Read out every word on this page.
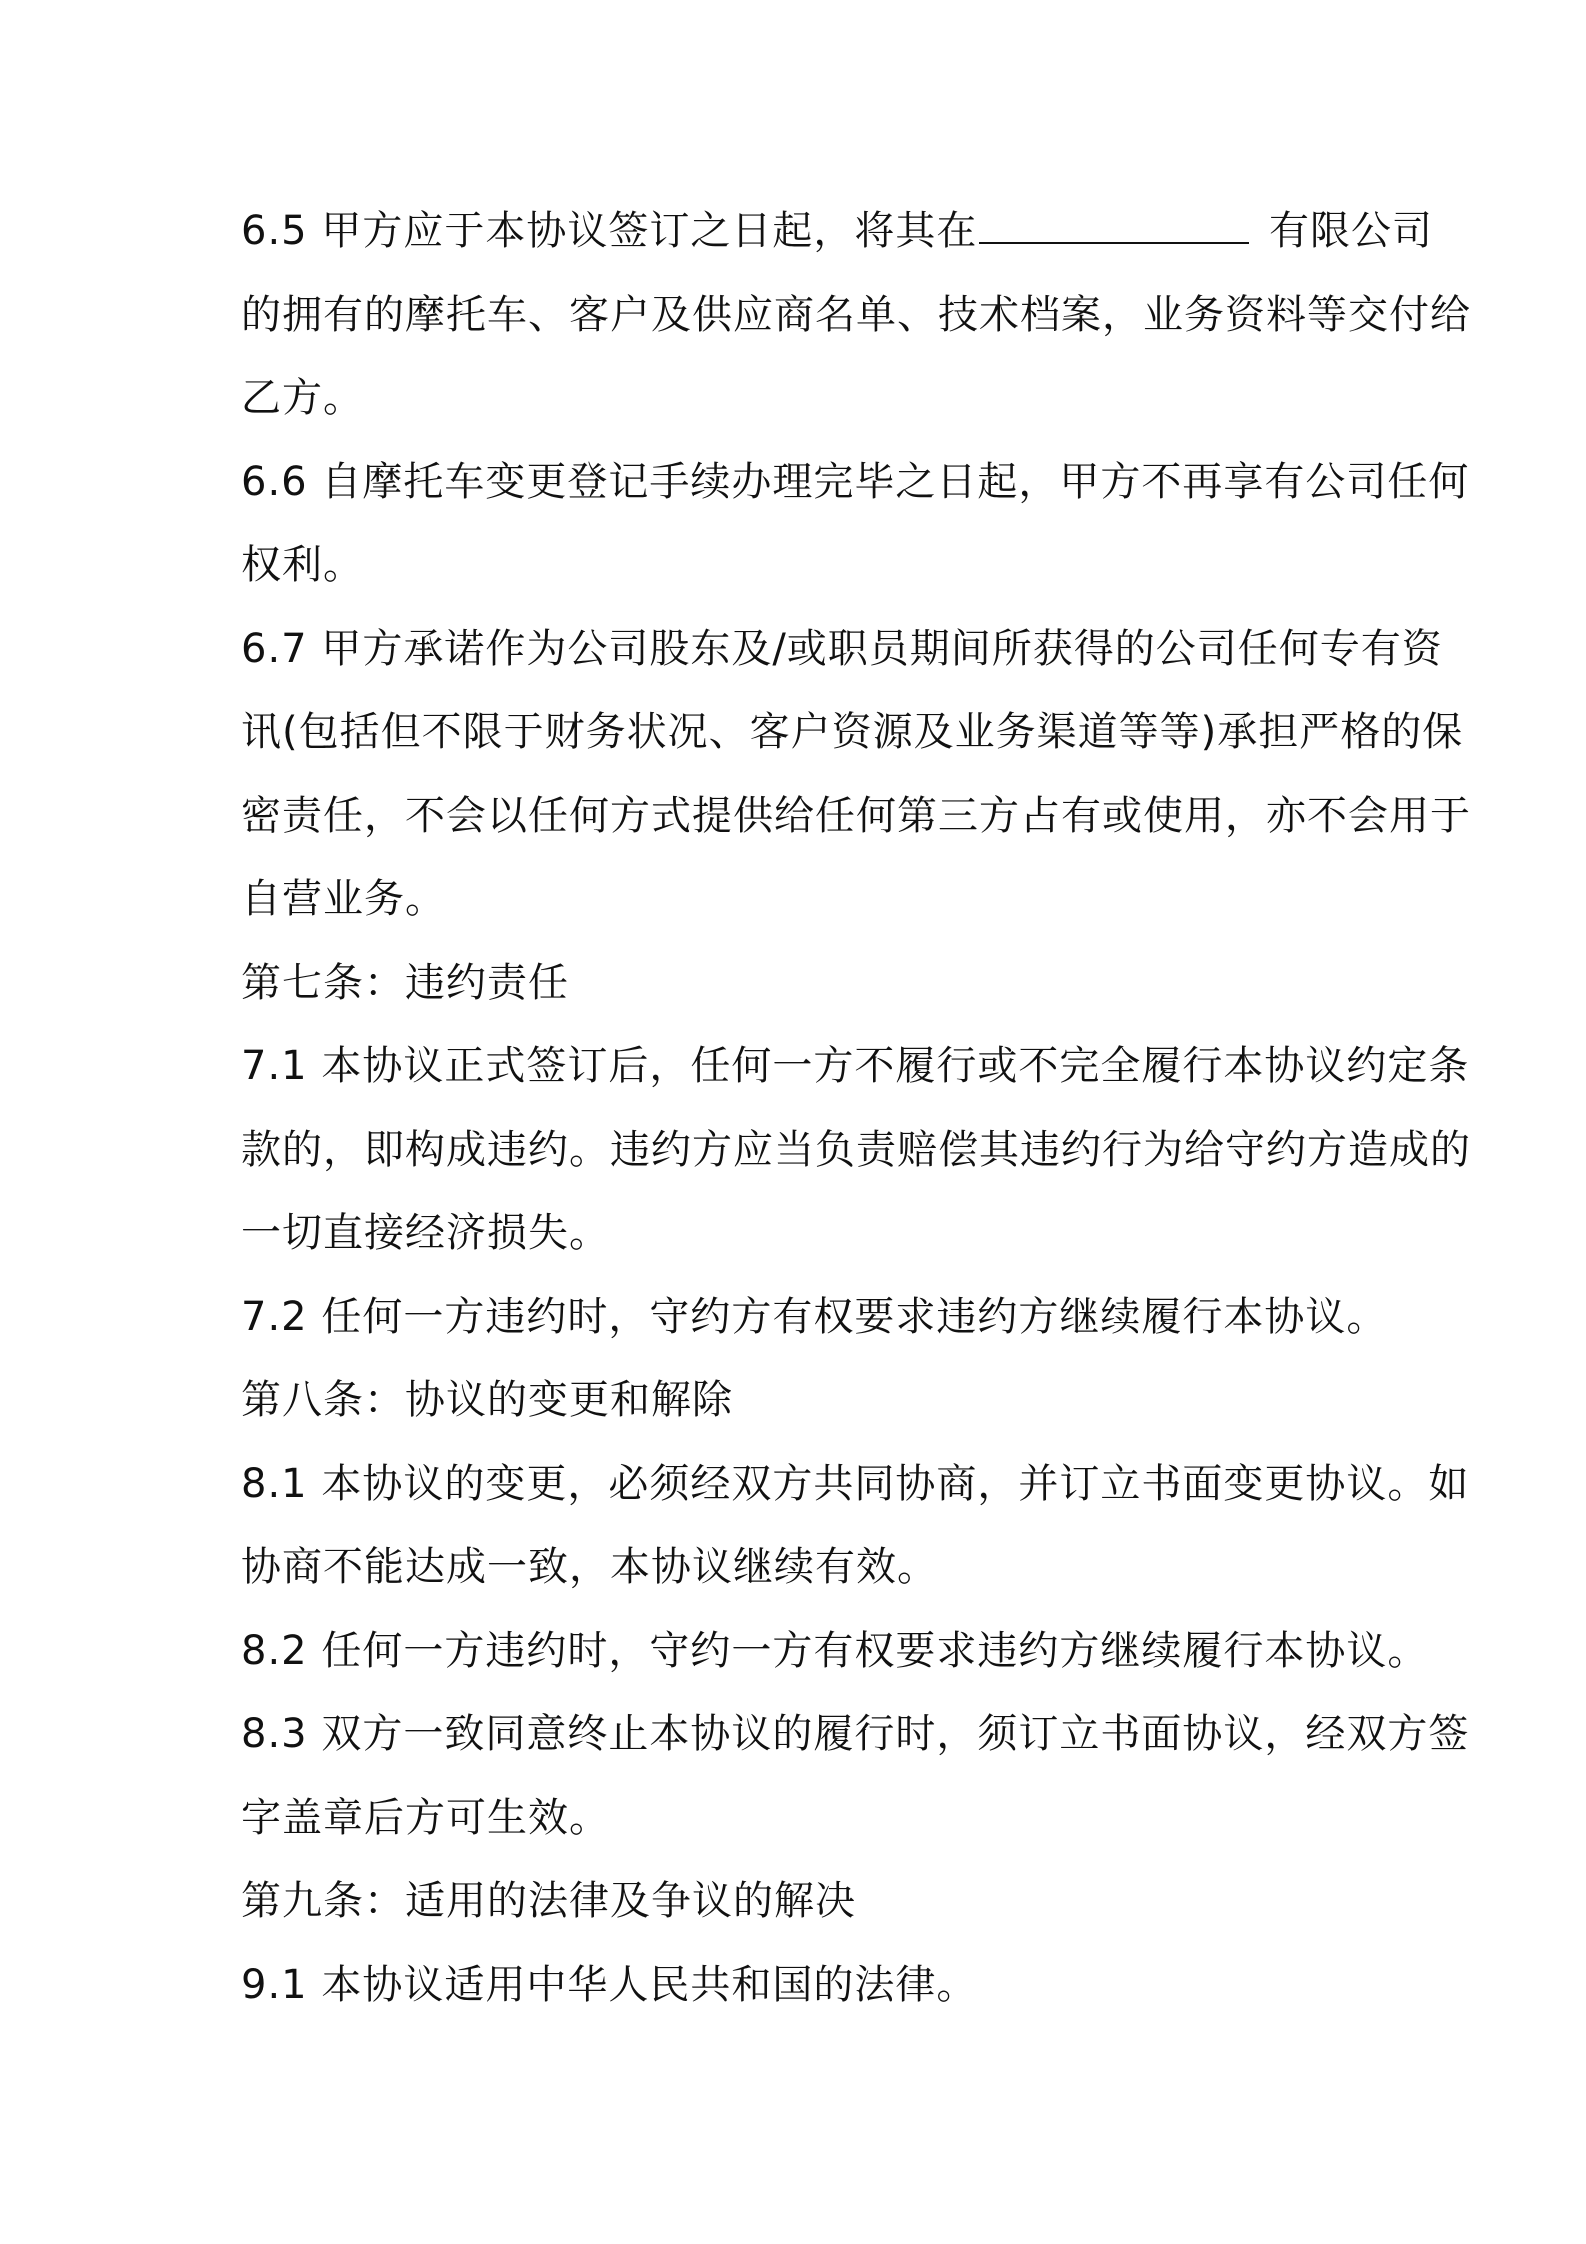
6.5 甲方应于本协议签订之日起，将其在	有限公司
的拥有的摩托车、客户及供应商名单、技术档案，业务资料等交付给
乙方。
6.6 自摩托车变更登记手续办理完毕之日起，甲方不再享有公司任何
权利。
6.7 甲方承诺作为公司股东及/或职员期间所获得的公司任何专有资
讯(包括但不限于财务状况、客户资源及业务渠道等等)承担严格的保
密责任，不会以任何方式提供给任何第三方占有或使用，亦不会用于
自营业务。
第七条：违约责任
7.1 本协议正式签订后，任何一方不履行或不完全履行本协议约定条
款的，即构成违约。违约方应当负责赔偿其违约行为给守约方造成的
一切直接经济损失。
7.2 任何一方违约时，守约方有权要求违约方继续履行本协议。
第八条：协议的变更和解除
8.1 本协议的变更，必须经双方共同协商，并订立书面变更协议。如
协商不能达成一致，本协议继续有效。
8.2 任何一方违约时，守约一方有权要求违约方继续履行本协议。
8.3 双方一致同意终止本协议的履行时，须订立书面协议，经双方签
字盖章后方可生效。
第九条：适用的法律及争议的解决
9.1 本协议适用中华人民共和国的法律。
